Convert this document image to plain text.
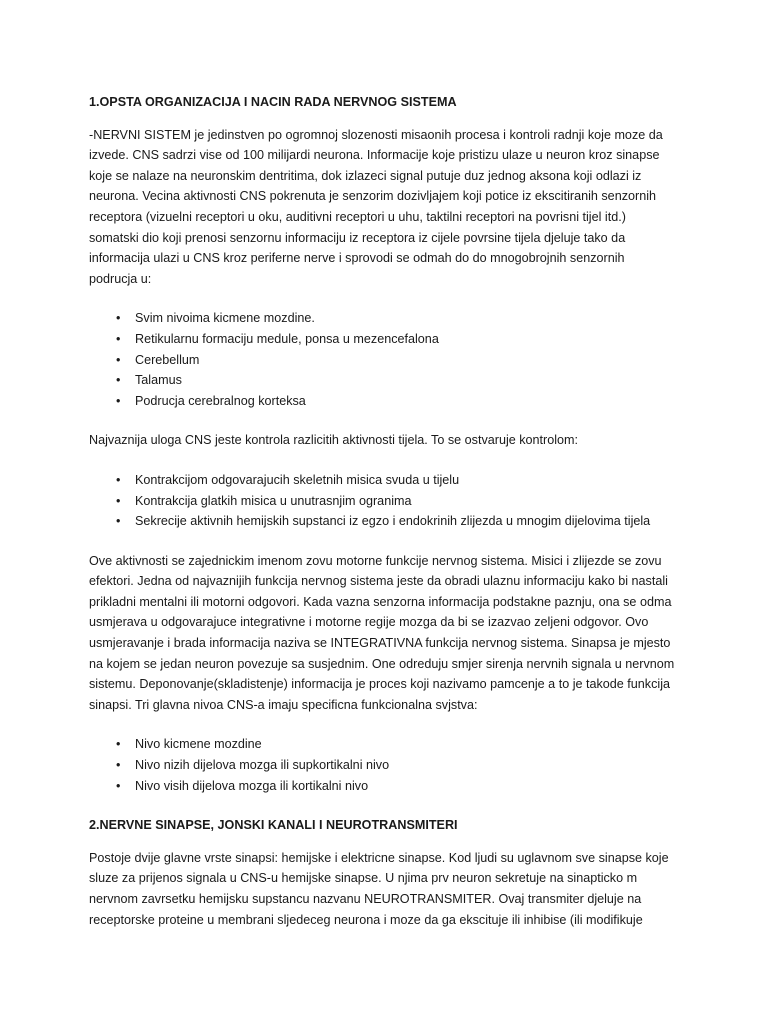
1.OPSTA ORGANIZACIJA I NACIN RADA NERVNOG SISTEMA
-NERVNI SISTEM je jedinstven po ogromnoj slozenosti misaonih procesa i kontroli radnji koje moze da izvede. CNS sadrzi vise od 100 milijardi neurona. Informacije koje pristizu ulaze u neuron kroz sinapse koje se nalaze na neuronskim dentritima, dok izlazeci signal putuje duz jednog aksona koji odlazi iz neurona. Vecina aktivnosti CNS pokrenuta je senzorim dozivljajem koji potice iz ekscitiranih senzornih receptora (vizuelni receptori u oku, auditivni receptori u uhu, taktilni receptori na povrisni tijel itd.) somatski dio koji prenosi senzornu informaciju iz receptora iz cijele povrsine tijela djeluje tako da informacija ulazi u CNS kroz periferne nerve i sprovodi se odmah do do mnogobrojnih senzornih podrucja u:
• Svim nivoima kicmene mozdine.
• Retikularnu formaciju medule, ponsa u mezencefalona
• Cerebellum
• Talamus
• Podrucja cerebralnog korteksa
Najvaznija uloga CNS jeste kontrola razlicitih aktivnosti tijela. To se ostvaruje kontrolom:
• Kontrakcijom odgovarajucih skeletnih misica svuda u tijelu
• Kontrakcija glatkih misica u unutrasnjim ogranima
• Sekrecije aktivnih hemijskih supstanci iz egzo i endokrinih zlijezda u mnogim dijelovima tijela
Ove aktivnosti se zajednickim imenom zovu motorne funkcije nervnog sistema. Misici i zlijezde se zovu efektori. Jedna od najvaznijih funkcija nervnog sistema jeste da obradi ulaznu informaciju kako bi nastali prikladni mentalni ili motorni odgovori. Kada vazna senzorna informacija podstakne paznju, ona se odma usmjerava u odgovarajuce integrativne i motorne regije mozga da bi se izazvao zeljeni odgovor. Ovo usmjeravanje i brada informacija naziva se INTEGRATIVNA funkcija nervnog sistema. Sinapsa je mjesto na kojem se jedan neuron povezuje sa susjednim. One odreduju smjer sirenja nervnih signala u nervnom sistemu. Deponovanje(skladistenje) informacija je proces koji nazivamo pamcenje a to je takode funkcija sinapsi. Tri glavna nivoa CNS-a imaju specificna funkcionalna svjstva:
• Nivo kicmene mozdine
• Nivo nizih dijelova mozga ili supkortikalni nivo
• Nivo visih dijelova mozga ili kortikalni nivo
2.NERVNE SINAPSE, JONSKI KANALI I NEUROTRANSMITERI
Postoje dvije glavne vrste sinapsi: hemijske i elektricne sinapse. Kod ljudi su uglavnom sve sinapse koje sluze za prijenos signala u CNS-u hemijske sinapse. U njima prv neuron sekretuje na sinapticko m nervnom zavrsetku hemijsku supstancu nazvanu NEUROTRANSMITER. Ovaj transmiter djeluje na receptorske proteine u membrani sljedeceg neurona i moze da ga ekscituje ili inhibise (ili modifikuje
